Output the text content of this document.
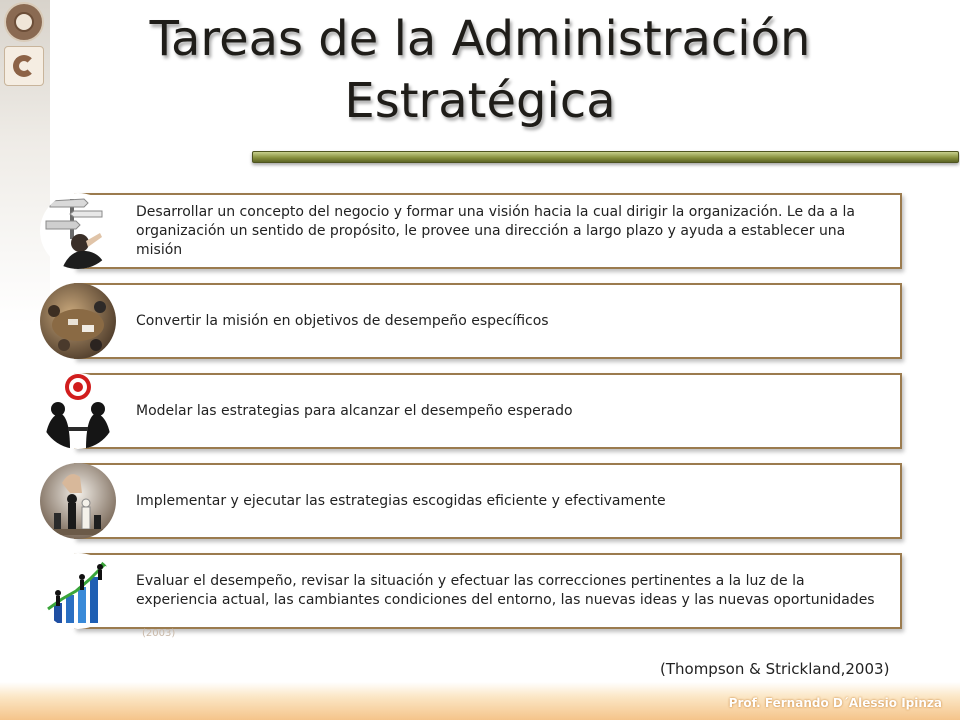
Tareas de la Administración
Estratégica
Desarrollar un concepto del negocio y formar una visión hacia la cual dirigir la organización. Le da a la organización un sentido de propósito, le provee una dirección a largo plazo y ayuda a establecer una misión
Convertir la misión en objetivos de desempeño específicos
Modelar las estrategias para alcanzar el desempeño esperado
Implementar y ejecutar las estrategias escogidas eficiente y efectivamente
Evaluar el desempeño, revisar la situación y efectuar las correcciones pertinentes a la luz de la experiencia actual, las cambiantes condiciones del entorno, las nuevas ideas y las nuevas oportunidades
(2003)
(Thompson & Strickland,2003)
Prof. Fernando D´Alessio Ipinza
